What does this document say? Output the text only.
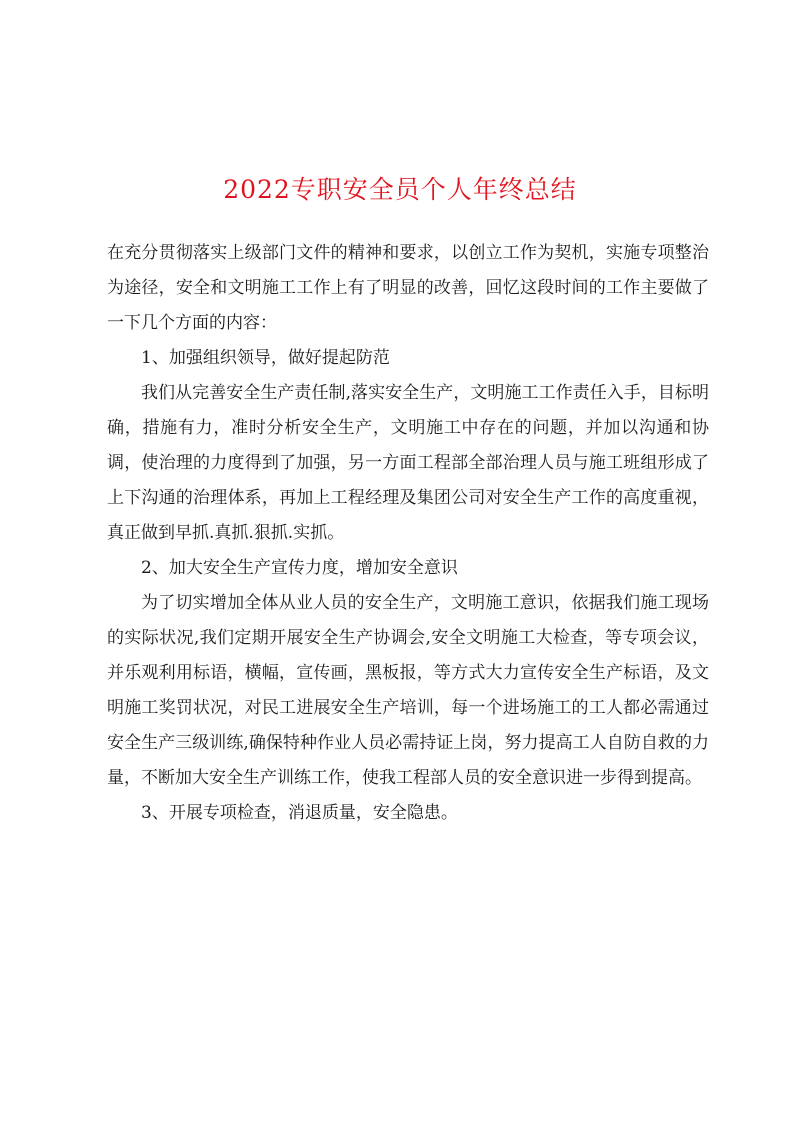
2022专职安全员个人年终总结

在充分贯彻落实上级部门文件的精神和要求，以创立工作为契机，实施专项整治为途径，安全和文明施工工作上有了明显的改善，回忆这段时间的工作主要做了一下几个方面的内容：

1、加强组织领导，做好提起防范

我们从完善安全生产责任制,落实安全生产，文明施工工作责任入手，目标明确，措施有力，准时分析安全生产，文明施工中存在的问题，并加以沟通和协调，使治理的力度得到了加强，另一方面工程部全部治理人员与施工班组形成了上下沟通的治理体系，再加上工程经理及集团公司对安全生产工作的高度重视，真正做到早抓.真抓.狠抓.实抓。

2、加大安全生产宣传力度，增加安全意识

为了切实增加全体从业人员的安全生产，文明施工意识，依据我们施工现场的实际状况,我们定期开展安全生产协调会,安全文明施工大检查，等专项会议，并乐观利用标语，横幅，宣传画，黑板报，等方式大力宣传安全生产标语，及文明施工奖罚状况，对民工进展安全生产培训，每一个进场施工的工人都必需通过安全生产三级训练,确保特种作业人员必需持证上岗，努力提高工人自防自救的力量，不断加大安全生产训练工作，使我工程部人员的安全意识进一步得到提高。

3、开展专项检查，消退质量，安全隐患。
